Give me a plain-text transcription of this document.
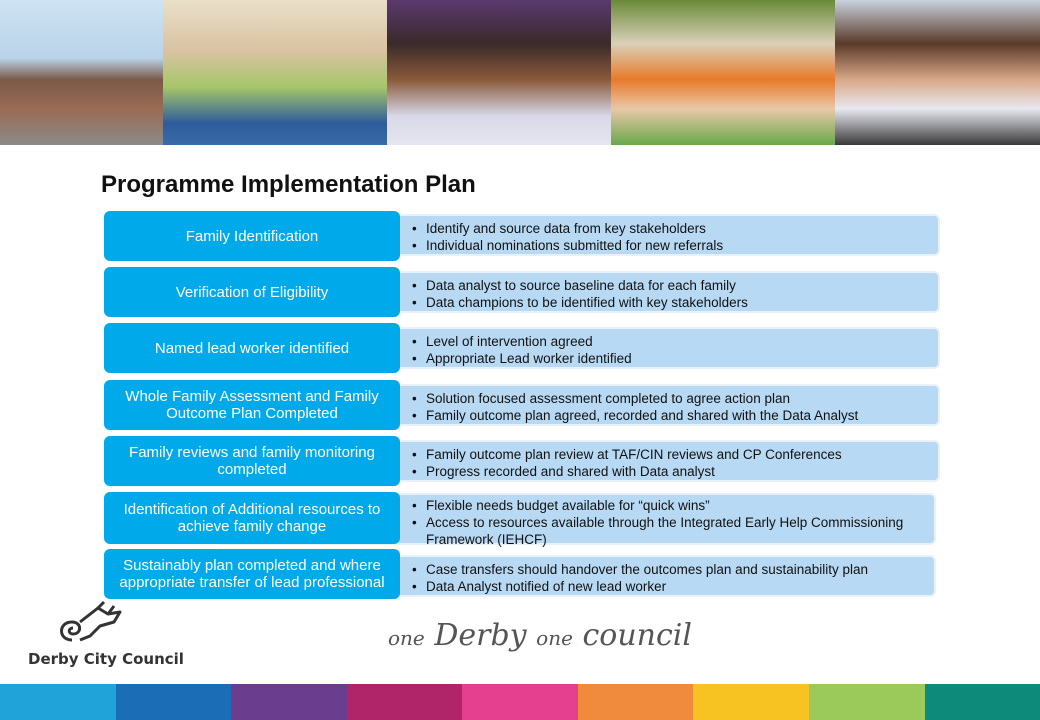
Programme Implementation Plan
• Identify and source data from key stakeholders
• Individual nominations submitted for new referrals
Family Identification
• Data analyst to source baseline data for each family
• Data champions to be identified with key stakeholders
Verification of Eligibility
• Level of intervention agreed
• Appropriate Lead worker identified
Named lead worker identified
• Solution focused assessment completed to agree action plan
• Family outcome plan agreed, recorded and shared with the Data Analyst
Whole Family Assessment and Family Outcome Plan Completed
• Family outcome plan review at TAF/CIN reviews and CP Conferences
• Progress recorded and shared with Data analyst
Family reviews and family monitoring completed
• Flexible needs budget available for “quick wins”
• Access to resources available through the Integrated Early Help Commissioning Framework (IEHCF)
Identification of Additional resources to achieve family change
• Case transfers should handover the outcomes plan and sustainability plan
• Data Analyst notified of new lead worker
Sustainably plan completed and where appropriate transfer of lead professional
Derby City Council
one Derby one council
